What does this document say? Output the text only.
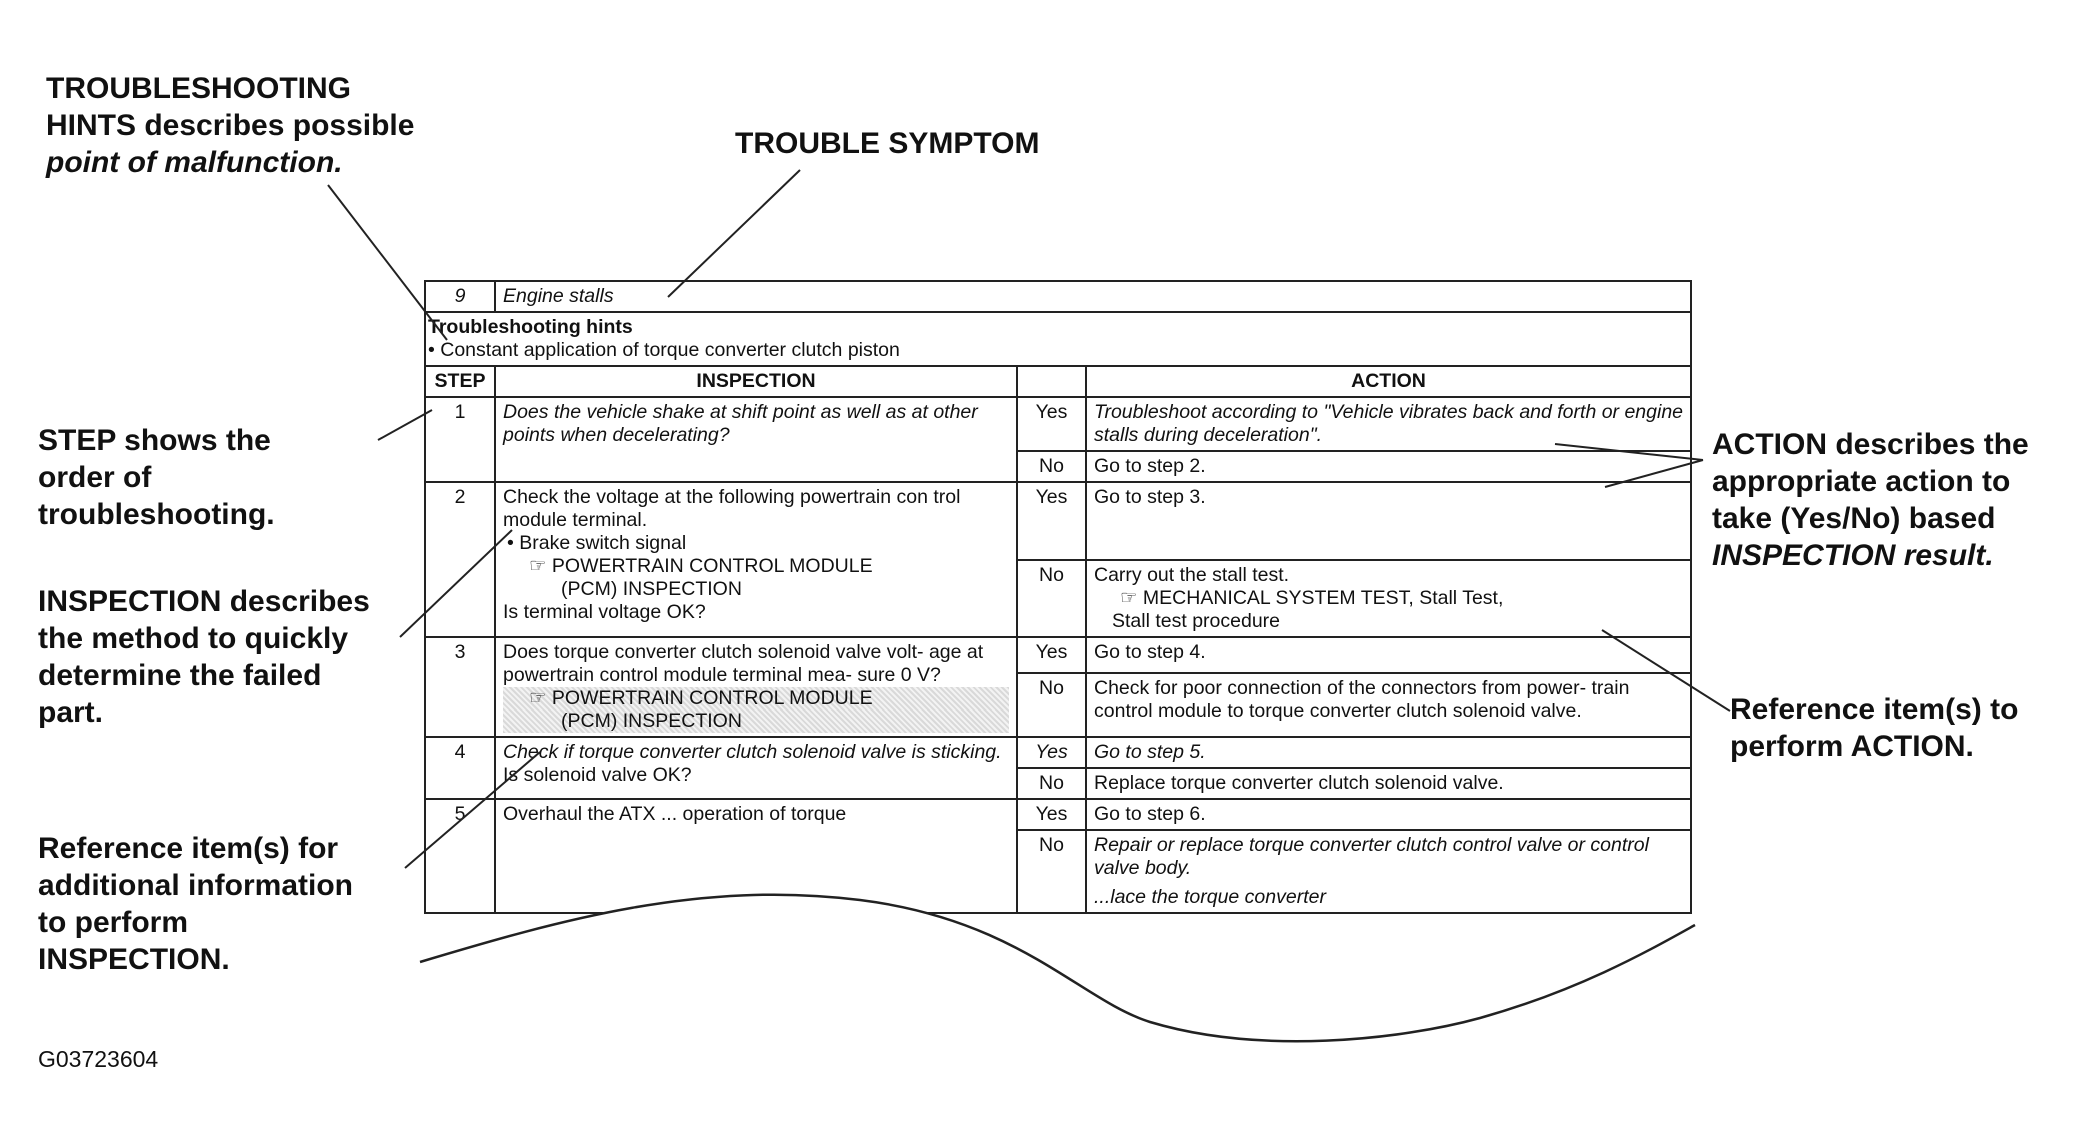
TROUBLESHOOTING
HINTS describes possible
point of malfunction.
TROUBLE SYMPTOM
STEP shows the
order of
troubleshooting.
INSPECTION describes
the method to quickly
determine the failed
part.
Reference item(s) for
additional information
to perform
INSPECTION.
ACTION describes the
appropriate action to
take (Yes/No) based
INSPECTION result.
Reference item(s) to
perform ACTION.
9	Engine stalls		
Troubleshooting hints
• Constant application of torque converter clutch piston			
STEP	INSPECTION		ACTION
1	Does the vehicle shake at shift point as well as at other points when decelerating?	Yes	Troubleshoot according to "Vehicle vibrates back and forth or engine stalls during deceleration".
		No	Go to step 2.
2	Check the voltage at the following powertrain con trol module terminal.
• Brake switch signal
☞ POWERTRAIN CONTROL MODULE
(PCM) INSPECTION
Is terminal voltage OK?	Yes	Go to step 3.
		No	Carry out the stall test.

☞ MECHANICAL SYSTEM TEST, Stall Test,
Stall test procedure

3	Does torque converter clutch solenoid valve volt- age at powertrain control module terminal mea- sure 0 V?
☞ POWERTRAIN CONTROL MODULE
(PCM) INSPECTION	Yes	Go to step 4.
		No	Check for poor connection of the connectors from power- train control module to torque converter clutch solenoid valve.
4	Check if torque converter clutch solenoid valve is sticking.
Is solenoid valve OK?	Yes	Go to step 5.
		No	Replace torque converter clutch solenoid valve.
5	Overhaul the ATX ... operation of torque	Yes	Go to step 6.
		No	Repair or replace torque converter clutch control valve or control valve body.

...lace the torque converter
G03723604
